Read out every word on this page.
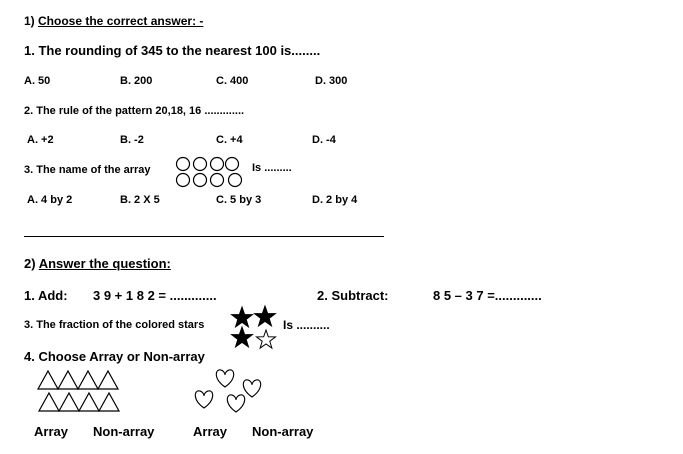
1) Choose the correct answer: -
1. The rounding of 345 to the nearest 100 is........
A. 50	B. 200	C. 400	D. 300
2. The rule of the pattern 20,18, 16 .............
A. +2	B. -2	C. +4	D. -4
3. The name of the array	Is .........
A. 4 by 2	B. 2 X 5	C. 5 by 3	D. 2 by 4
2) Answer the question:
1. Add: 3 9 + 1 8 2 = .............	2. Subtract:	8 5 – 3 7 =.............
3. The fraction of the colored stars	Is ..........
4. Choose Array or Non-array
Array Non-array	Array Non-array
